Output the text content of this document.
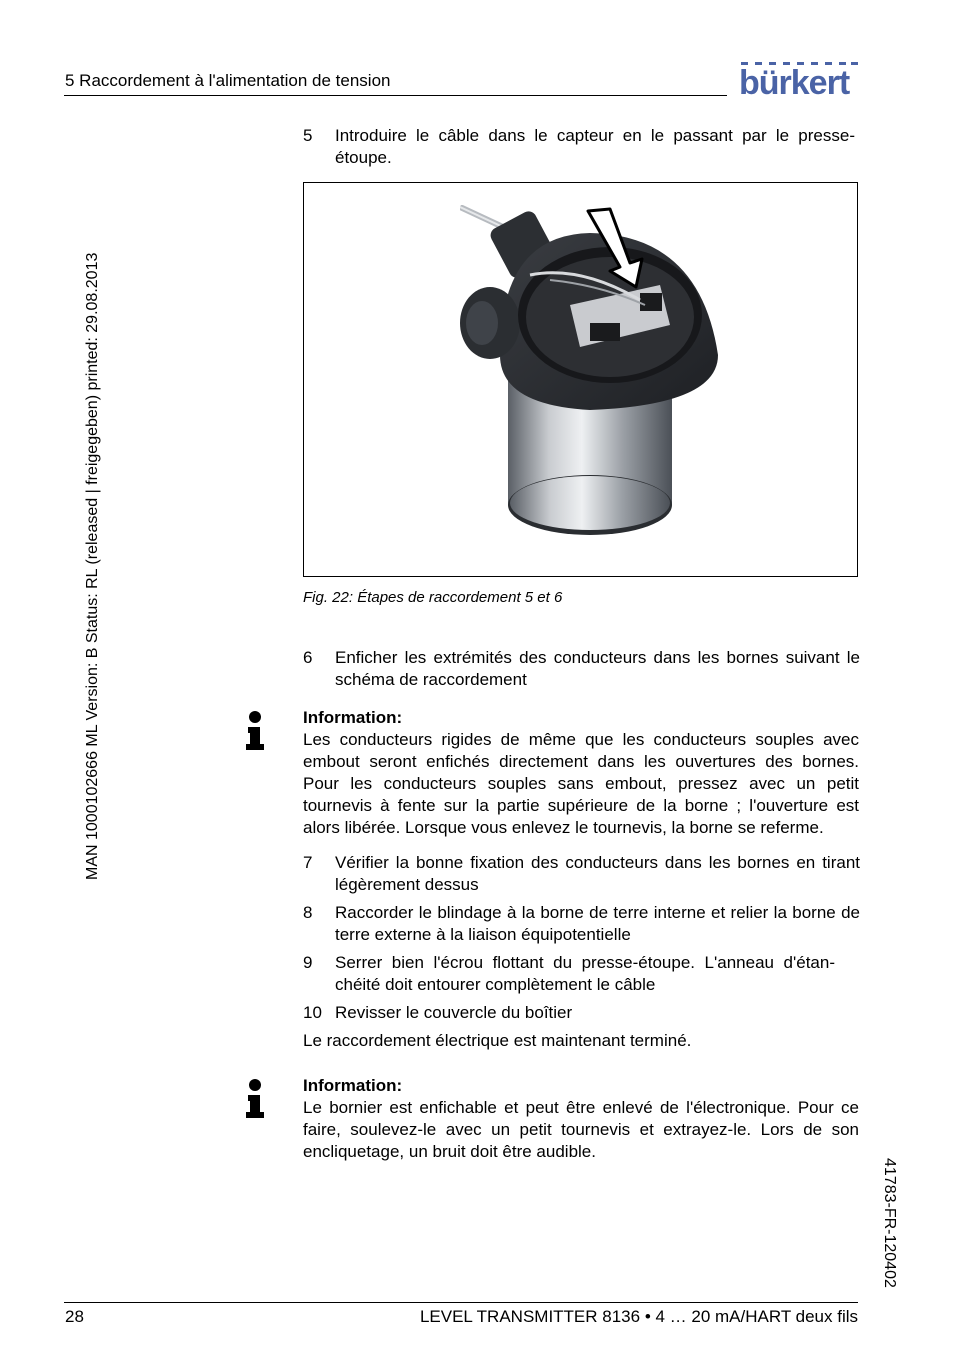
5 Raccordement à l'alimentation de tension	bürkert
MAN 1000102666 ML Version: B Status: RL (released | freigegeben) printed: 29.08.2013
41783-FR-120402
5 Introduire le câble dans le capteur en le passant par le presse-étoupe.
Fig. 22: Étapes de raccordement 5 et 6
6 Enficher les extrémités des conducteurs dans les bornes suivant le schéma de raccordement
Information:
Les conducteurs rigides de même que les conducteurs souples avec embout seront enfichés directement dans les ouvertures des bornes. Pour les conducteurs souples sans embout, pressez avec un petit tournevis à fente sur la partie supérieure de la borne ; l'ouverture est alors libérée. Lorsque vous enlevez le tournevis, la borne se referme.
7 Vérifier la bonne fixation des conducteurs dans les bornes en tirant légèrement dessus
8 Raccorder le blindage à la borne de terre interne et relier la borne de terre externe à la liaison équipotentielle
9 Serrer bien l'écrou flottant du presse-étoupe. L'anneau d'étan-chéité doit entourer complètement le câble
10 Revisser le couvercle du boîtier
Le raccordement électrique est maintenant terminé.
Information:
Le bornier est enfichable et peut être enlevé de l'électronique. Pour ce faire, soulevez-le avec un petit tournevis et extrayez-le. Lors de son encliquetage, un bruit doit être audible.
28	LEVEL TRANSMITTER 8136 • 4 … 20 mA/HART deux fils
